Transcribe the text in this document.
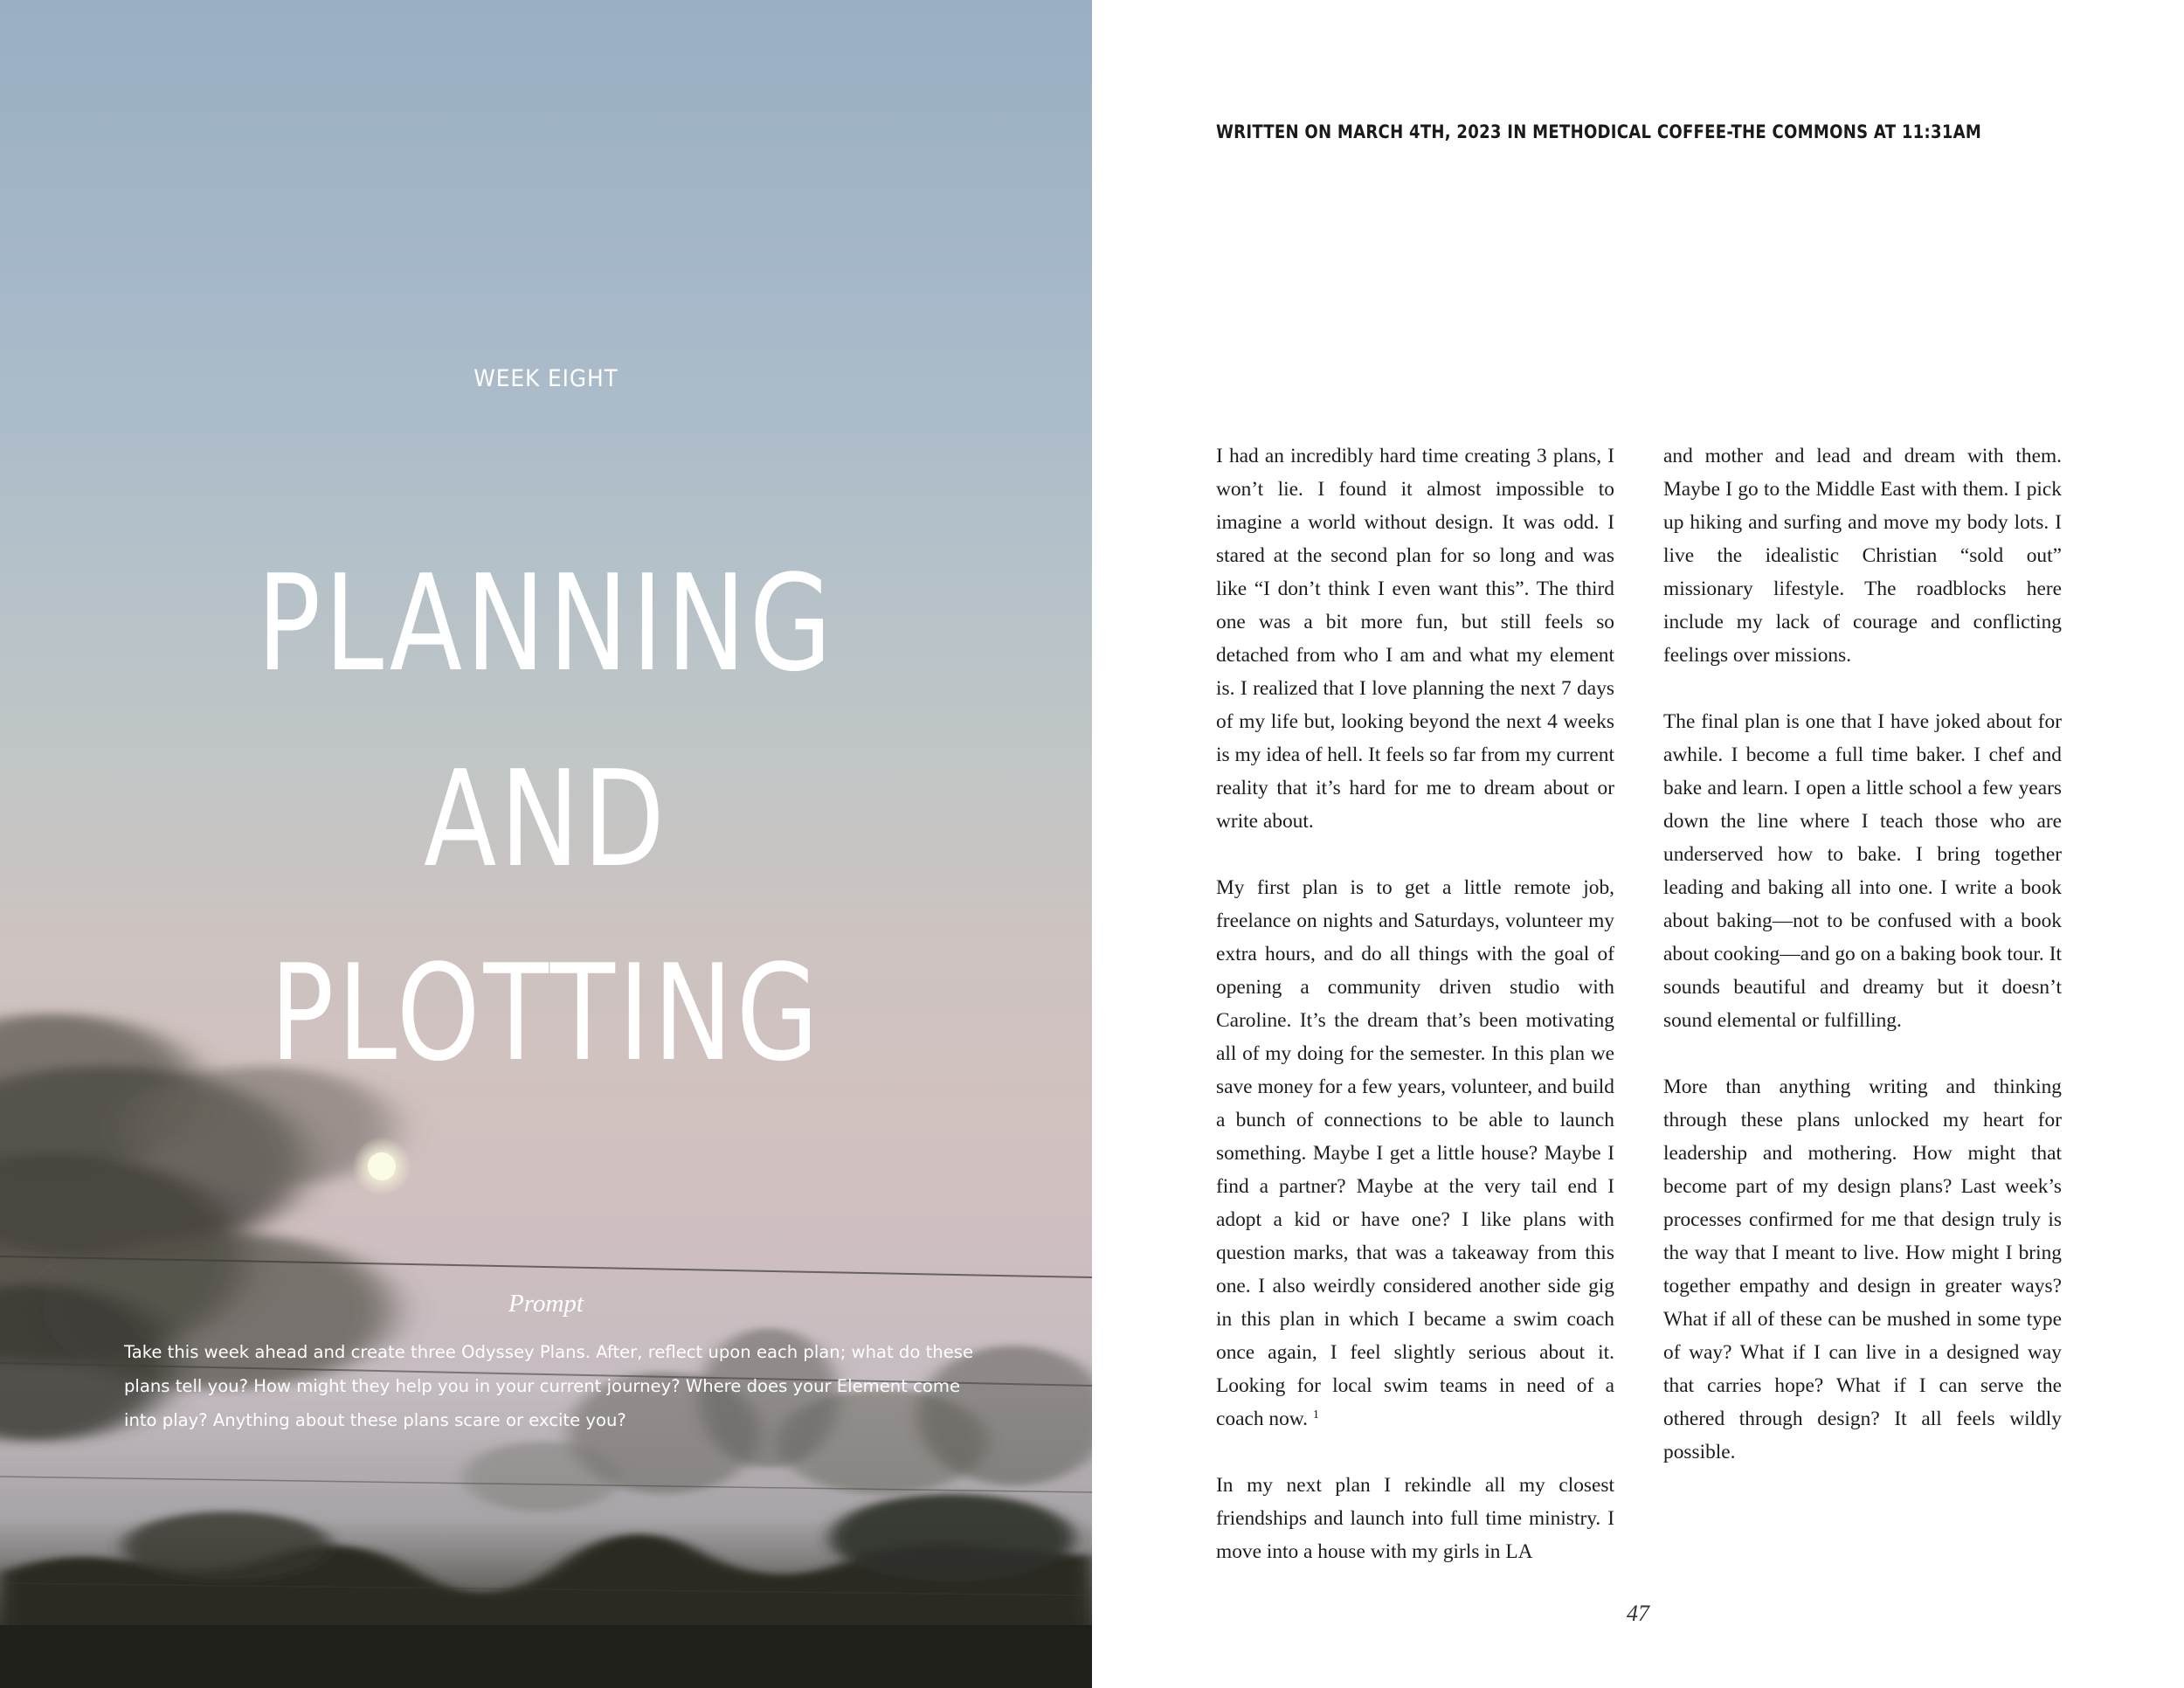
WEEK EIGHT
PLANNING
AND
PLOTTING
Prompt
Take this week ahead and create three Odyssey Plans. After, reflect upon each plan; what do these plans tell you? How might they help you in your current journey? Where does your Element come into play? Anything about these plans scare or excite you?
WRITTEN ON MARCH 4TH, 2023 IN METHODICAL COFFEE-THE COMMONS AT 11:31AM

I had an incredibly hard time creating 3 plans, I won’t lie. I found it almost impossible to imagine a world without design. It was odd. I stared at the second plan for so long and was like “I don’t think I even want this”. The third one was a bit more fun, but still feels so detached from who I am and what my element is. I realized that I love planning the next 7 days of my life but, looking beyond the next 4 weeks is my idea of hell. It feels so far from my current reality that it’s hard for me to dream about or write about.

My first plan is to get a little remote job, freelance on nights and Saturdays, volunteer my extra hours, and do all things with the goal of opening a community driven studio with Caroline. It’s the dream that’s been motivating all of my doing for the semester. In this plan we save money for a few years, volunteer, and build a bunch of connections to be able to launch something. Maybe I get a little house? Maybe I find a partner? Maybe at the very tail end I adopt a kid or have one? I like plans with question marks, that was a takeaway from this one. I also weirdly considered another side gig in this plan in which I became a swim coach once again, I feel slightly serious about it. Looking for local swim teams in need of a coach now. $^1$

In my next plan I rekindle all my closest friendships and launch into full time ministry. I move into a house with my girls in LA

and mother and lead and dream with them. Maybe I go to the Middle East with them. I pick up hiking and surfing and move my body lots. I live the idealistic Christian “sold out” missionary lifestyle. The roadblocks here include my lack of courage and conflicting feelings over missions.

The final plan is one that I have joked about for awhile. I become a full time baker. I chef and bake and learn. I open a little school a few years down the line where I teach those who are underserved how to bake. I bring together leading and baking all into one. I write a book about baking—not to be confused with a book about cooking—and go on a baking book tour. It sounds beautiful and dreamy but it doesn’t sound elemental or fulfilling.

More than anything writing and thinking through these plans unlocked my heart for leadership and mothering. How might that become part of my design plans? Last week’s processes confirmed for me that design truly is the way that I meant to live. How might I bring together empathy and design in greater ways? What if all of these can be mushed in some type of way? What if I can live in a designed way that carries hope? What if I can serve the othered through design? It all feels wildly possible.

47
